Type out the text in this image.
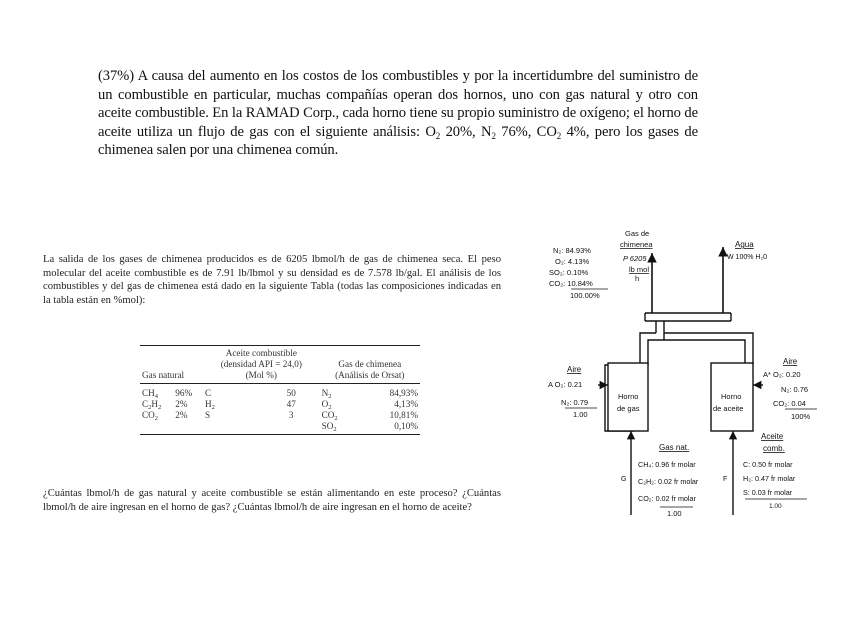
(37%) A causa del aumento en los costos de los combustibles y por la incertidumbre del suministro de un combustible en particular, muchas compañías operan dos hornos, uno con gas natural y otro con aceite combustible. En la RAMAD Corp., cada horno tiene su propio suministro de oxígeno; el horno de aceite utiliza un flujo de gas con el siguiente análisis: $O_2$ 20%, $N_2$ 76%, $CO_2$ 4%, pero los gases de chimenea salen por una chimenea común.
La salida de los gases de chimenea producidos es de 6205 lbmol/h de gas de chimenea seca. El peso molecular del aceite combustible es de 7.91 lb/lbmol y su densidad es de 7.578 lb/gal. El análisis de los combustibles y del gas de chimenea está dado en la siguiente Tabla (todas las composiciones indicadas en la tabla están en %mol):
		Aceite combustible			
		(densidad API = 24,0)		Gas de chimenea	
Gas natural		(Mol %)		(Análisis de Orsat)	
$CH_4$	96%	C	50	$N_2$	84,93%
$C_2H_2$	2%	$H_2$	47	$O_2$	4,13%
$CO_2$	2%	S	3	$CO_2$	10,81%
				$SO_2$	0,10%
¿Cuántas lbmol/h de gas natural y aceite combustible se están alimentando en este proceso? ¿Cuántas lbmol/h de aire ingresan en el horno de gas? ¿Cuántas lbmol/h de aire ingresan en el horno de aceite?
N₂: 84.93%
O₂: 4.13%
SO₂: 0.10%
CO₂: 10.84%
100.00%
Gas de
chimenea
P 6205
lb mol
h
Agua
W 100% H₂0
Horno
de gas
Horno
de aceite
Aire
A O₂: 0.21
N₂: 0.79
1.00
Aire
A* O₂: 0.20
N₂: 0.76
CO₂: 0.04
100%
G
Gas nat.
CH₄: 0.96 fr molar
C₂H₂: 0.02 fr molar
CO₂: 0.02 fr molar
1.00
F
Aceite
comb.
C: 0.50 fr molar
H₂: 0.47 fr molar
S: 0.03 fr molar
1.00
